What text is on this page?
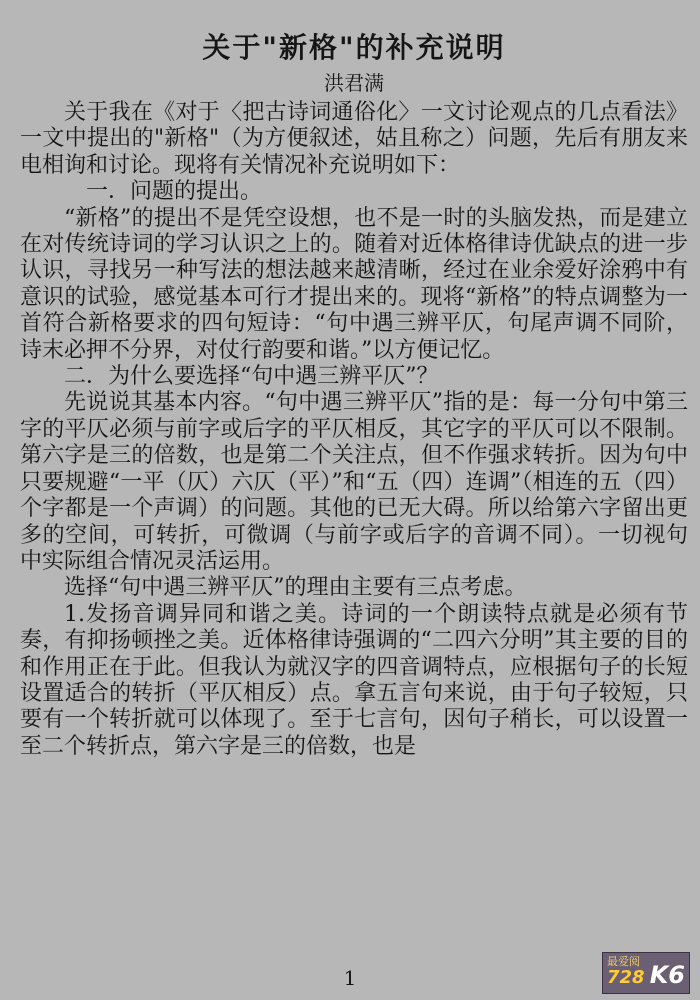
关于"新格"的补充说明
洪君满

关于我在《对于〈把古诗词通俗化〉一文讨论观点的几点看法》一文中提出的"新格"（为方便叙述，姑且称之）问题，先后有朋友来电相询和讨论。现将有关情况补充说明如下：

一．问题的提出。

“新格”的提出不是凭空设想，也不是一时的头脑发热，而是建立在对传统诗词的学习认识之上的。随着对近体格律诗优缺点的进一步认识，寻找另一种写法的想法越来越清晰，经过在业余爱好涂鸦中有意识的试验，感觉基本可行才提出来的。现将“新格”的特点调整为一首符合新格要求的四句短诗：“句中遇三辨平仄，句尾声调不同阶，诗末必押不分界，对仗行韵要和谐。”以方便记忆。

二．为什么要选择“句中遇三辨平仄”？

先说说其基本内容。“句中遇三辨平仄”指的是：每一分句中第三字的平仄必须与前字或后字的平仄相反，其它字的平仄可以不限制。第六字是三的倍数，也是第二个关注点，但不作强求转折。因为句中只要规避“一平（仄）六仄（平）”和“五（四）连调”（相连的五（四）个字都是一个声调）的问题。其他的已无大碍。所以给第六字留出更多的空间，可转折，可微调（与前字或后字的音调不同）。一切视句中实际组合情况灵活运用。

选择“句中遇三辨平仄”的理由主要有三点考虑。

1.发扬音调异同和谐之美。诗词的一个朗读特点就是必须有节奏，有抑扬顿挫之美。近体格律诗强调的“二四六分明”其主要的目的和作用正在于此。但我认为就汉字的四音调特点，应根据句子的长短设置适合的转折（平仄相反）点。拿五言句来说，由于句子较短，只要有一个转折就可以体现了。至于七言句，因句子稍长，可以设置一至二个转折点，第六字是三的倍数，也是

1
最爱阅
728 K6
